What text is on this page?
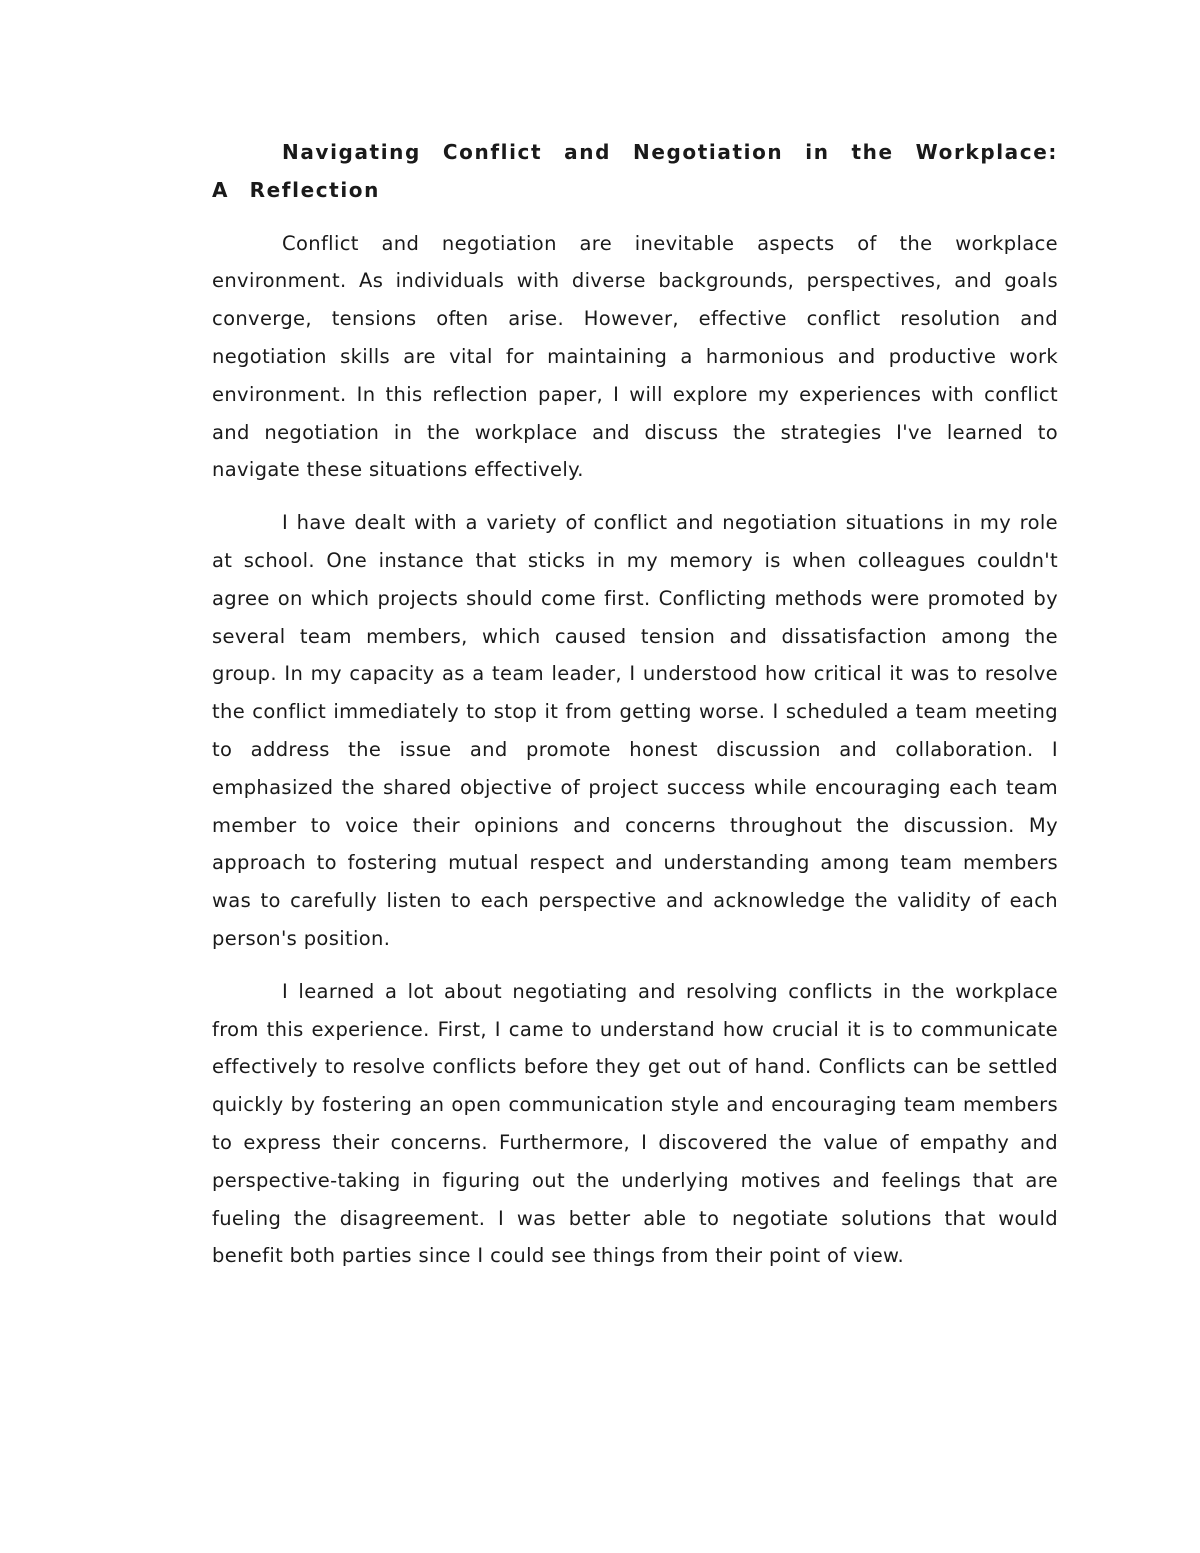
Navigating Conflict and Negotiation in the Workplace: A Reflection

Conflict and negotiation are inevitable aspects of the workplace environment. As individuals with diverse backgrounds, perspectives, and goals converge, tensions often arise. However, effective conflict resolution and negotiation skills are vital for maintaining a harmonious and productive work environment. In this reflection paper, I will explore my experiences with conflict and negotiation in the workplace and discuss the strategies I've learned to navigate these situations effectively.

I have dealt with a variety of conflict and negotiation situations in my role at school. One instance that sticks in my memory is when colleagues couldn't agree on which projects should come first. Conflicting methods were promoted by several team members, which caused tension and dissatisfaction among the group. In my capacity as a team leader, I understood how critical it was to resolve the conflict immediately to stop it from getting worse. I scheduled a team meeting to address the issue and promote honest discussion and collaboration. I emphasized the shared objective of project success while encouraging each team member to voice their opinions and concerns throughout the discussion. My approach to fostering mutual respect and understanding among team members was to carefully listen to each perspective and acknowledge the validity of each person's position.

I learned a lot about negotiating and resolving conflicts in the workplace from this experience. First, I came to understand how crucial it is to communicate effectively to resolve conflicts before they get out of hand. Conflicts can be settled quickly by fostering an open communication style and encouraging team members to express their concerns. Furthermore, I discovered the value of empathy and perspective-taking in figuring out the underlying motives and feelings that are fueling the disagreement. I was better able to negotiate solutions that would benefit both parties since I could see things from their point of view.
